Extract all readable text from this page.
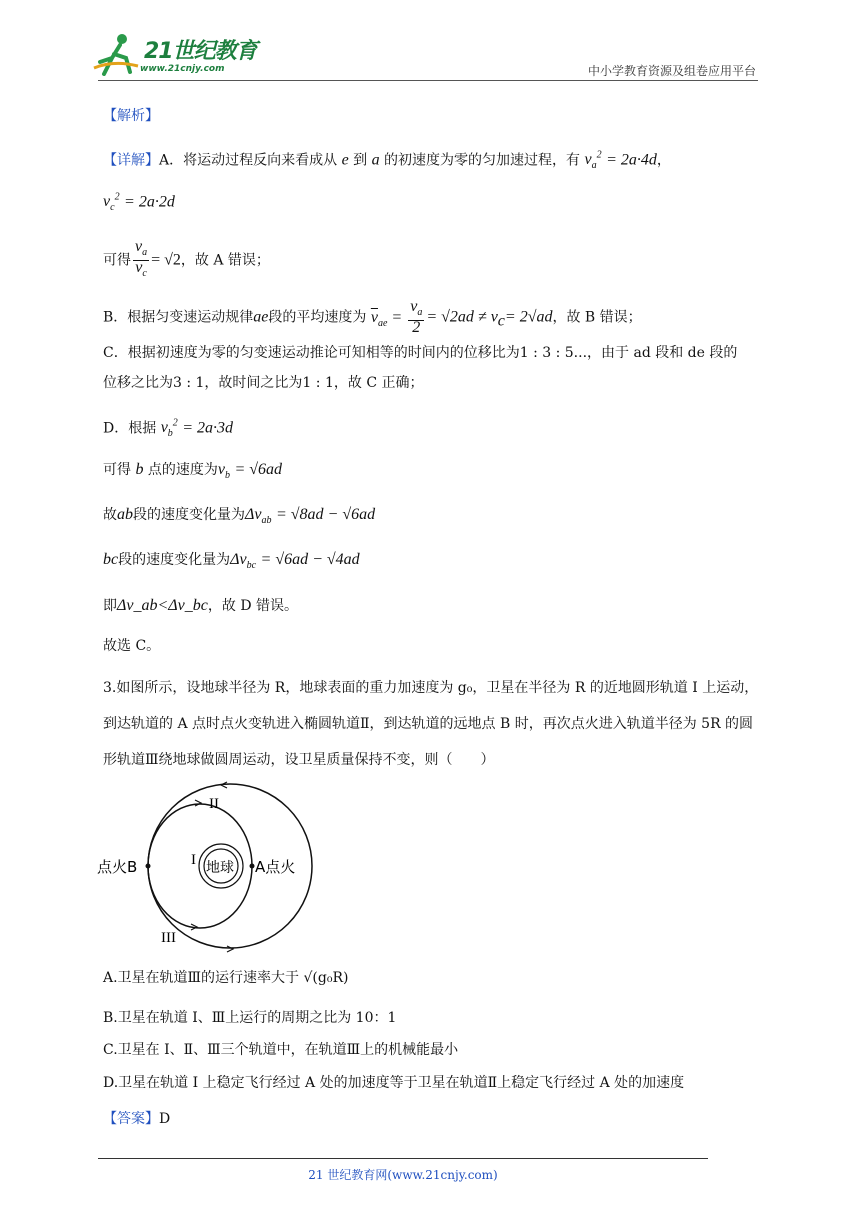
21世纪教育
www.21cnjy.com	中小学教育资源及组卷应用平台
【解析】
【详解】A．将运动过程反向来看成从 e 到 a 的初速度为零的匀加速过程，有 $v_a^2 = 2a\cdot 4d$，
$v_c^2 = 2a\cdot 2d$
可得 $\frac{v_a}{v_c} = √2$，故 A 错误；
B．根据匀变速运动规律ae段的平均速度为 $\overline{v}_{ae} = \frac{v_a}{2} = √2ad \ne v_c= 2√ad$，故 B 错误；
C．根据初速度为零的匀变速运动推论可知相等的时间内的位移比为1 : 3 : 5...，由于 ad 段和 de 段的
位移之比为3 : 1，故时间之比为1 : 1，故 C 正确；
D．根据 $v_b^2 = 2a\cdot 3d$
可得 b 点的速度为$v_b = √6ad$
故ab段的速度变化量为$\Delta v_{ab} = √8ad - √6ad$
bc段的速度变化量为$\Delta v_{bc} = √6ad - √4ad$
即Δv_ab<Δv_bc，故 D 错误。
故选 C。
3.如图所示，设地球半径为 R，地球表面的重力加速度为 g₀，卫星在半径为 R 的近地圆形轨道 I 上运动，到达轨道的 A 点时点火变轨进入椭圆轨道Ⅱ，到达轨道的远地点 B 时，再次点火进入轨道半径为 5R 的圆形轨道Ⅲ绕地球做圆周运动，设卫星质量保持不变，则（　　）
II
I
III
地球 A点火
点火B
A.卫星在轨道Ⅲ的运行速率大于 √(g₀R)
B.卫星在轨道 I、Ⅲ上运行的周期之比为 10：1
C.卫星在 I、Ⅱ、Ⅲ三个轨道中，在轨道Ⅲ上的机械能最小
D.卫星在轨道 I 上稳定飞行经过 A 处的加速度等于卫星在轨道Ⅱ上稳定飞行经过 A 处的加速度
【答案】D
21 世纪教育网(www.21cnjy.com)
